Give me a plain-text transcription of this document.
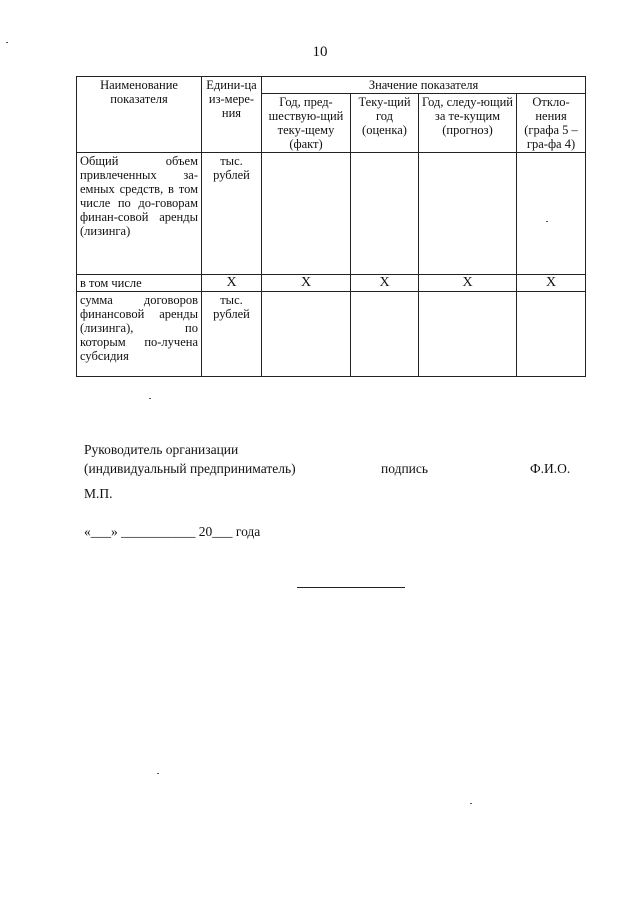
10
Наименование показателя	Едини-ца из-мере-ния	Значение показателя			
		Год, пред-шествую-щий теку-щему (факт)	Теку-щий год (оценка)	Год, следу-ющий за те-кущим (прогноз)	Откло-нения (графа 5 – гра-фа 4)
Общий объем привлеченных за-емных средств, в том числе по до-говорам финан-совой аренды (лизинга)	тыс. рублей				
в том числе	X	X	X	X	X
сумма договоров финансовой аренды (лизинга), по которым по-лучена субсидия	тыс. рублей				
Руководитель организации
(индивидуальный предприниматель)	подпись	Ф.И.О.
М.П.
«___» ___________ 20___ года
